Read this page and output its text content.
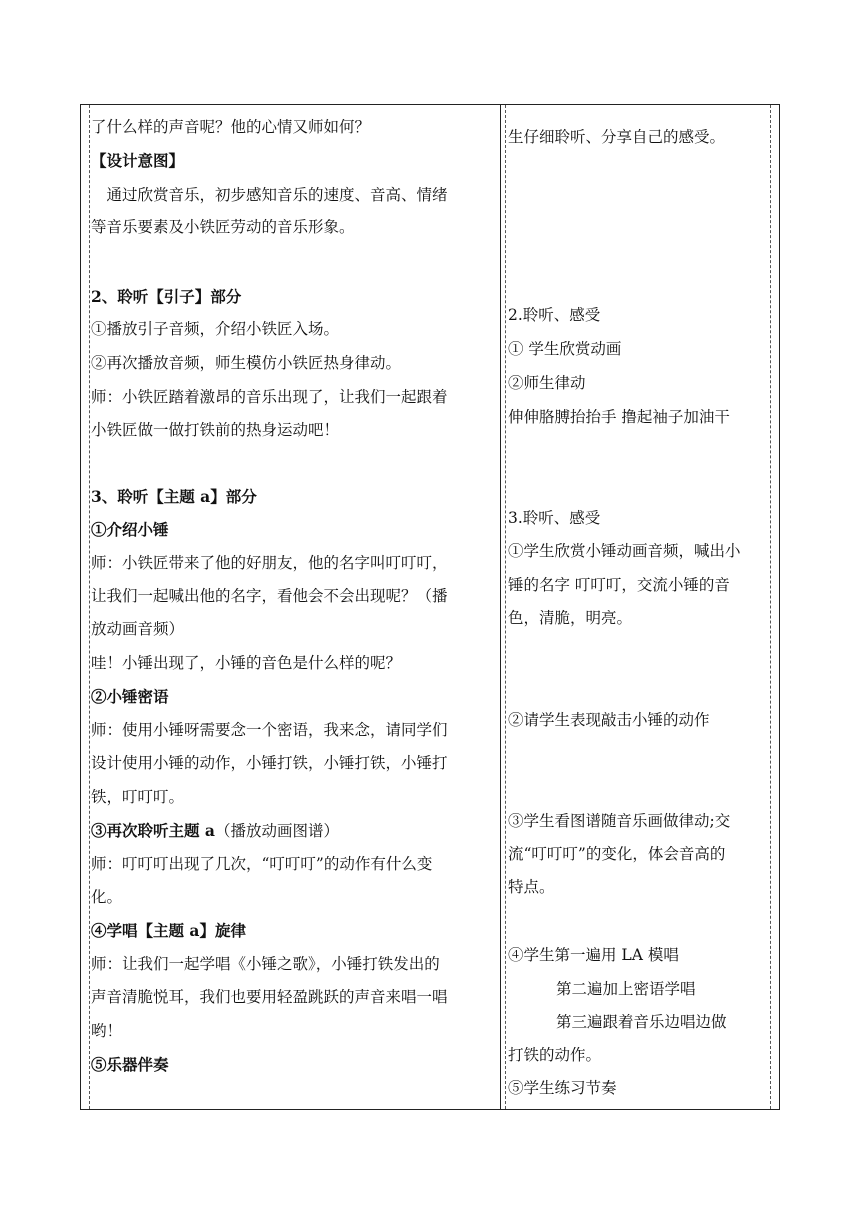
了什么样的声音呢？他的心情又师如何？
【设计意图】
　通过欣赏音乐，初步感知音乐的速度、音高、情绪
等音乐要素及小铁匠劳动的音乐形象。
2、聆听【引子】部分
①播放引子音频，介绍小铁匠入场。
②再次播放音频，师生模仿小铁匠热身律动。
师：小铁匠踏着激昂的音乐出现了，让我们一起跟着
小铁匠做一做打铁前的热身运动吧！
3、聆听【主题 a】部分
①介绍小锤
师：小铁匠带来了他的好朋友，他的名字叫叮叮叮，
让我们一起喊出他的名字，看他会不会出现呢？（播
放动画音频）
哇！小锤出现了，小锤的音色是什么样的呢？
②小锤密语
师：使用小锤呀需要念一个密语，我来念，请同学们
设计使用小锤的动作，小锤打铁，小锤打铁，小锤打
铁，叮叮叮。
③再次聆听主题 a（播放动画图谱）
师：叮叮叮出现了几次，“叮叮叮”的动作有什么变
化。
④学唱【主题 a】旋律
师：让我们一起学唱《小锤之歌》，小锤打铁发出的
声音清脆悦耳，我们也要用轻盈跳跃的声音来唱一唱
哟！
⑤乐器伴奏
生仔细聆听、分享自己的感受。
2.聆听、感受
① 学生欣赏动画
②师生律动
伸伸胳膊抬抬手 撸起袖子加油干
3.聆听、感受
①学生欣赏小锤动画音频，喊出小
锤的名字 叮叮叮，交流小锤的音
色，清脆，明亮。
②请学生表现敲击小锤的动作
③学生看图谱随音乐画做律动;交
流“叮叮叮”的变化，体会音高的
特点。
④学生第一遍用 LA 模唱
第二遍加上密语学唱
第三遍跟着音乐边唱边做
打铁的动作。
⑤学生练习节奏
